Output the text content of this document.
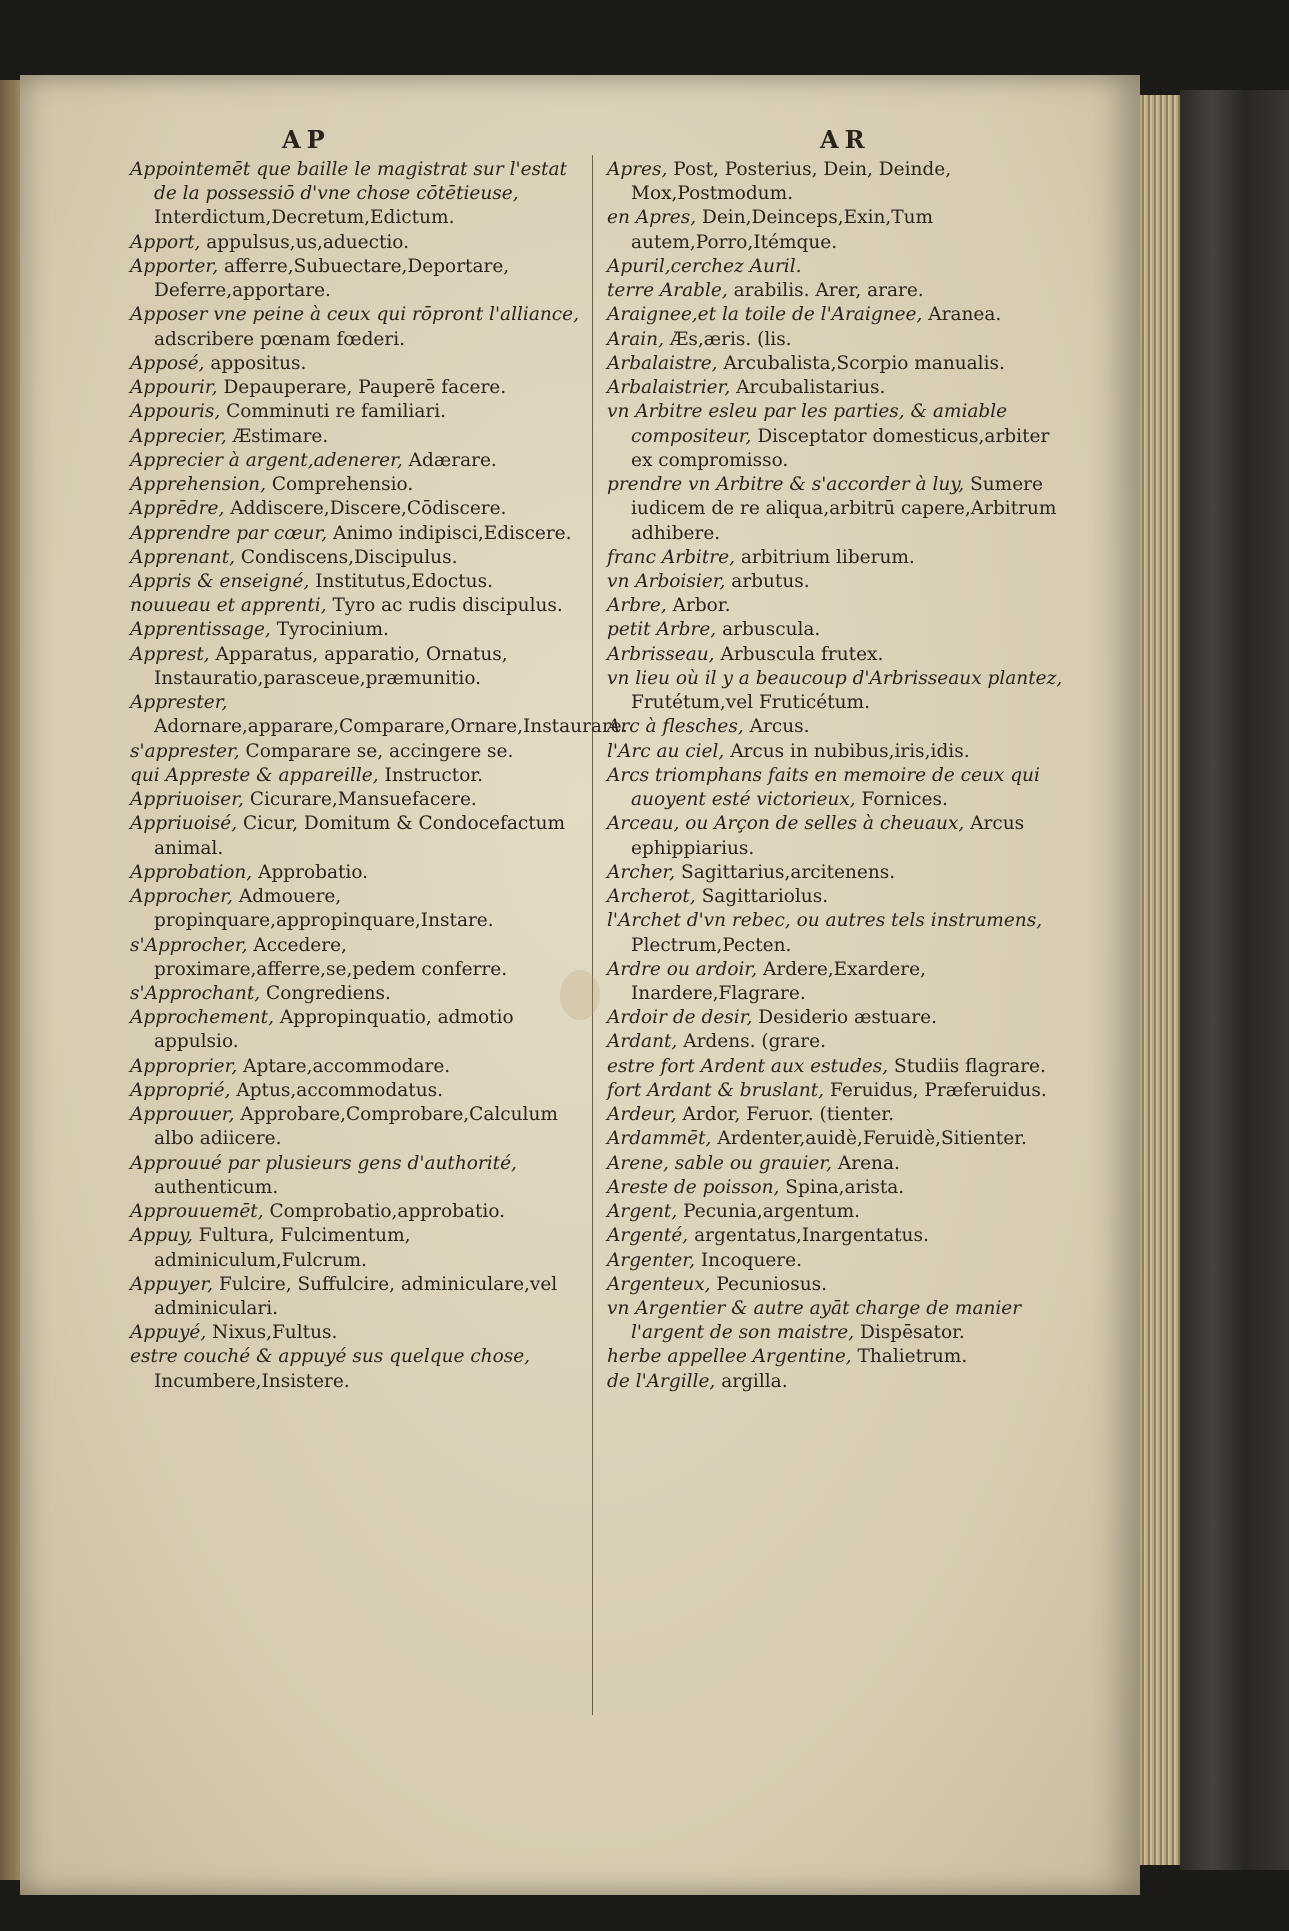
AP	AR
Appointemēt que baille le magistrat sur l'estat de la possessiō d'vne chose cōtētieuse, Interdictum,Decretum,Edictum.
Apport, appulsus,us,aduectio.
Apporter, afferre,Subuectare,Deportare, Deferre,apportare.
Apposer vne peine à ceux qui rōpront l'alliance, adscribere pœnam fœderi.
Apposé, appositus.
Appourir, Depauperare, Pauperē facere.
Appouris, Comminuti re familiari.
Apprecier, Æstimare.
Apprecier à argent,adenerer, Adærare.
Apprehension, Comprehensio.
Apprēdre, Addiscere,Discere,Cōdiscere.
Apprendre par cœur, Animo indipisci,Ediscere.
Apprenant, Condiscens,Discipulus.
Appris & enseigné, Institutus,Edoctus.
nouueau et apprenti, Tyro ac rudis discipulus.
Apprentissage, Tyrocinium.
Apprest, Apparatus, apparatio, Ornatus, Instauratio,parasceue,præmunitio.
Apprester, Adornare,apparare,Comparare,Ornare,Instaurare.
s'apprester, Comparare se, accingere se.
qui Appreste & appareille, Instructor.
Appriuoiser, Cicurare,Mansuefacere.
Appriuoisé, Cicur, Domitum & Condocefactum animal.
Approbation, Approbatio.
Approcher, Admouere, propinquare,appropinquare,Instare.
s'Approcher, Accedere, proximare,afferre,se,pedem conferre.
s'Approchant, Congrediens.
Approchement, Appropinquatio, admotio appulsio.
Approprier, Aptare,accommodare.
Approprié, Aptus,accommodatus.
Approuuer, Approbare,Comprobare,Calculum albo adiicere.
Approuué par plusieurs gens d'authorité, authenticum.
Approuuemēt, Comprobatio,approbatio.
Appuy, Fultura, Fulcimentum, adminiculum,Fulcrum.
Appuyer, Fulcire, Suffulcire, adminiculare,vel adminiculari.
Appuyé, Nixus,Fultus.
estre couché & appuyé sus quelque chose, Incumbere,Insistere.
Apres, Post, Posterius, Dein, Deinde, Mox,Postmodum.
en Apres, Dein,Deinceps,Exin,Tum autem,Porro,Itémque.
Apuril,cerchez Auril.
terre Arable, arabilis. Arer, arare.
Araignee,et la toile de l'Araignee, Aranea.
Arain, Æs,æris. (lis.
Arbalaistre, Arcubalista,Scorpio manualis.
Arbalaistrier, Arcubalistarius.
vn Arbitre esleu par les parties, & amiable compositeur, Disceptator domesticus,arbiter ex compromisso.
prendre vn Arbitre & s'accorder à luy, Sumere iudicem de re aliqua,arbitrū capere,Arbitrum adhibere.
franc Arbitre, arbitrium liberum.
vn Arboisier, arbutus.
Arbre, Arbor.
petit Arbre, arbuscula.
Arbrisseau, Arbuscula frutex.
vn lieu où il y a beaucoup d'Arbrisseaux plantez, Frutétum,vel Fruticétum.
Arc à flesches, Arcus.
l'Arc au ciel, Arcus in nubibus,iris,idis.
Arcs triomphans faits en memoire de ceux qui auoyent esté victorieux, Fornices.
Arceau, ou Arçon de selles à cheuaux, Arcus ephippiarius.
Archer, Sagittarius,arcitenens.
Archerot, Sagittariolus.
l'Archet d'vn rebec, ou autres tels instrumens, Plectrum,Pecten.
Ardre ou ardoir, Ardere,Exardere, Inardere,Flagrare.
Ardoir de desir, Desiderio æstuare.
Ardant, Ardens. (grare.
estre fort Ardent aux estudes, Studiis flagrare.
fort Ardant & bruslant, Feruidus, Præferuidus.
Ardeur, Ardor, Feruor. (tienter.
Ardammēt, Ardenter,auidè,Feruidè,Sitienter.
Arene, sable ou grauier, Arena.
Areste de poisson, Spina,arista.
Argent, Pecunia,argentum.
Argenté, argentatus,Inargentatus.
Argenter, Incoquere.
Argenteux, Pecuniosus.
vn Argentier & autre ayāt charge de manier l'argent de son maistre, Dispēsator.
herbe appellee Argentine, Thalietrum.
de l'Argille, argilla.
